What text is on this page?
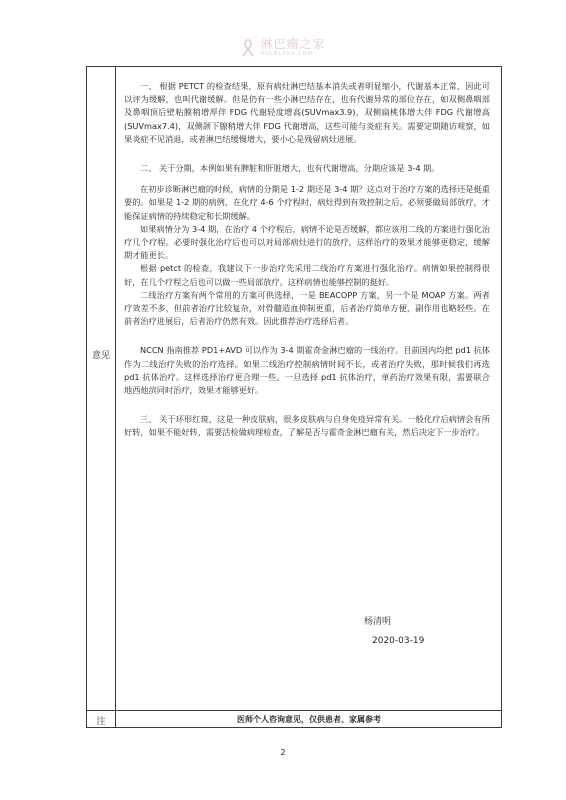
淋巴瘤之家
HOLBLXXX.COM
意见
注	医师个人咨询意见，仅供患者、家属参考

一、 根据 PETCT 的检查结果，原有病灶淋巴结基本消失或者明显缩小，代谢基本正常，因此可以评为缓解，也叫代谢缓解。但是仍有一些小淋巴结存在，也有代谢异常的部位存在，如双侧鼻咽部及鼻咽顶后壁粘膜稍增厚伴 FDG 代谢轻度增高(SUVmax3.9)，双侧扁桃体增大伴 FDG 代谢增高(SUVmax7.4)，双侧颌下腺稍增大伴 FDG 代谢增高，这些可能与炎症有关。需要定期随访观察，如果炎症不见消退，或者淋巴结缓慢增大，要小心是残留病灶进展。

二、 关于分期，本例如果有脾脏和肝脏增大，也有代谢增高，分期应该是 3-4 期。

在初步诊断淋巴瘤的时候，病情的分期是 1-2 期还是 3-4 期？这点对于治疗方案的选择还是挺重要的。如果是 1-2 期的病例，在化疗 4-6 个疗程时，病灶得到有效控制之后，必须要做局部放疗，才能保证病情的持续稳定和长期缓解。

如果病情分为 3-4 期，在治疗 4 个疗程后，病情不论是否缓解，都应该用二线的方案进行强化治疗几个疗程。必要时强化治疗后也可以对局部病灶进行的放疗，这样治疗的效果才能够更稳定，缓解期才能更长。

根据 petct 的检查，我建议下一步治疗先采用二线治疗方案进行强化治疗。病情如果控制得很好，在几个疗程之后也可以做一些局部放疗。这样病情也能够控制的挺好。

二线治疗方案有两个常用的方案可供选择，一是 BEACOPP 方案，另一个是 MOAP 方案。两者疗效差不多，但前者治疗比较复杂，对骨髓造血抑制更重，后者治疗简单方便，副作用也略轻些。在前者治疗进展后，后者治疗仍然有效。因此推荐治疗选择后者。

NCCN 指南推荐 PD1+AVD 可以作为 3-4 期霍奇金淋巴瘤的一线治疗。目前国内均把 pd1 抗体作为二线治疗失败的治疗选择。如果二线治疗控制病情时间不长，或者治疗失败，那时候我们再选 pd1 抗体治疗。这样选择治疗更合理一些。一旦选择 pd1 抗体治疗，单药治疗效果有限，需要联合地西他滨同时治疗，效果才能够更好。

三、 关于环形红斑，这是一种皮肤病，很多皮肤病与自身免疫异常有关。一般化疗后病情会有所好转，如果不能好转，需要活检做病理检查，了解是否与霍奇金淋巴瘤有关，然后决定下一步治疗。

杨清明
2020-03-19
2
